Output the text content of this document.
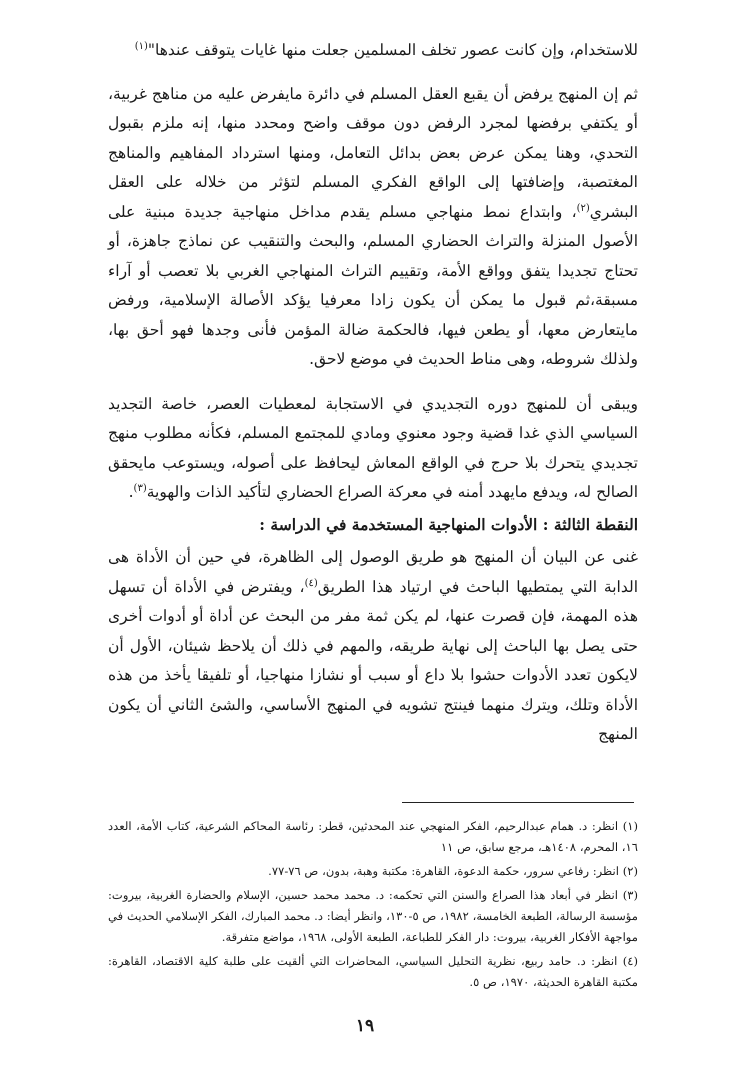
للاستخدام، وإن كانت عصور تخلف المسلمين جعلت منها غايات يتوقف عندها"$^{(١)}$

ثم إن المنهج يرفض أن يقبع العقل المسلم في دائرة مايفرض عليه من مناهج غربية، أو يكتفي برفضها لمجرد الرفض دون موقف واضح ومحدد منها، إنه ملزم بقبول التحدي، وهنا يمكن عرض بعض بدائل التعامل، ومنها استرداد المفاهيم والمناهج المغتصبة، وإضافتها إلى الواقع الفكري المسلم لتؤثر من خلاله على العقل البشري$^{(٢)}$، وابتداع نمط منهاجي مسلم يقدم مداخل منهاجية جديدة مبنية على الأصول المنزلة والتراث الحضاري المسلم، والبحث والتنقيب عن نماذج جاهزة، أو تحتاج تجديدا يتفق وواقع الأمة، وتقييم التراث المنهاجي الغربي بلا تعصب أو آراء مسبقة،ثم قبول ما يمكن أن يكون زادا معرفيا يؤكد الأصالة الإسلامية، ورفض مايتعارض معها، أو يطعن فيها، فالحكمة ضالة المؤمن فأنى وجدها فهو أحق بها، ولذلك شروطه، وهى مناط الحديث في موضع لاحق.

ويبقى أن للمنهج دوره التجديدي في الاستجابة لمعطيات العصر، خاصة التجديد السياسي الذي غدا قضية وجود معنوي ومادي للمجتمع المسلم، فكأنه مطلوب منهج تجديدي يتحرك بلا حرج في الواقع المعاش ليحافظ على أصوله، ويستوعب مايحقق الصالح له، ويدفع مايهدد أمنه في معركة الصراع الحضاري لتأكيد الذات والهوية$^{(٣)}$.

النقطة الثالثة : الأدوات المنهاجية المستخدمة في الدراسة :

غنى عن البيان أن المنهج هو طريق الوصول إلى الظاهرة، في حين أن الأداة هى الدابة التي يمتطيها الباحث في ارتياد هذا الطريق$^{(٤)}$، ويفترض في الأداة أن تسهل هذه المهمة، فإن قصرت عنها، لم يكن ثمة مفر من البحث عن أداة أو أدوات أخرى حتى يصل بها الباحث إلى نهاية طريقه، والمهم في ذلك أن يلاحظ شيئان، الأول أن لايكون تعدد الأدوات حشوا بلا داع أو سبب أو نشازا منهاجيا، أو تلفيقا يأخذ من هذه الأداة وتلك، ويترك منهما فينتج تشويه في المنهج الأساسي، والشئ الثاني أن يكون المنهج

(١) انظر: د. همام عبدالرحيم، الفكر المنهجي عند المحدثين، قطر: رئاسة المحاكم الشرعية، كتاب الأمة، العدد ١٦، المحرم، ١٤٠٨هـ، مرجع سابق، ص ١١

(٢) انظر: رفاعي سرور، حكمة الدعوة، القاهرة: مكتبة وهبة، بدون، ص ٧٦-٧٧.

(٣) انظر في أبعاد هذا الصراع والسنن التي تحكمه: د. محمد محمد حسين، الإسلام والحضارة الغربية، بيروت: مؤسسة الرسالة، الطبعة الخامسة، ١٩٨٢، ص ٥-١٣٠، وانظر أيضا: د. محمد المبارك، الفكر الإسلامي الحديث في مواجهة الأفكار الغربية، بيروت: دار الفكر للطباعة، الطبعة الأولى، ١٩٦٨، مواضع متفرقة.

(٤) انظر: د. حامد ربيع، نظرية التحليل السياسي، المحاضرات التي ألقيت على طلبة كلية الاقتصاد، القاهرة: مكتبة القاهرة الحديثة، ١٩٧٠، ص ٥.

١٩
